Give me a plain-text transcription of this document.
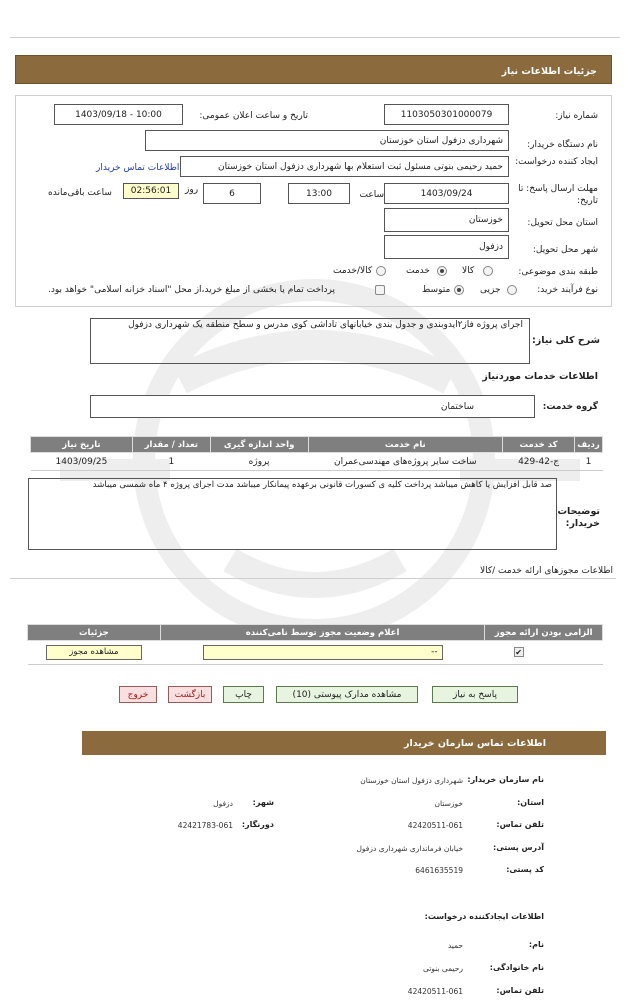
جزئیات اطلاعات نیاز
شماره نیاز:
1103050301000079
تاریخ و ساعت اعلان عمومی:
1403/09/18 - 10:00
نام دستگاه خریدار:
شهرداری دزفول استان خوزستان
ایجاد کننده درخواست:
حمید رحیمی بنوتی مسئول ثبت استعلام بها شهرداری دزفول استان خوزستان
اطلاعات تماس خریدار
مهلت ارسال پاسخ: تا تاریخ:
1403/09/24
ساعت
13:00
6
روز
02:56:01
ساعت باقی‌مانده
استان محل تحویل:
خوزستان
شهر محل تحویل:
دزفول
طبقه بندی موضوعی:
کالا
خدمت
کالا/خدمت
نوع فرآیند خرید:
جزیی
متوسط
پرداخت تمام یا بخشی از مبلغ خرید،از محل "اسناد خزانه اسلامی" خواهد بود.
شرح کلی نیاز:
اجرای پروژه فاز۲ایدوبندی و جدول بندی خیابانهای تاداشی کوی مدرس و سطح منطقه یک شهرداری دزفول
اطلاعات خدمات موردنیاز
گروه خدمت:
ساختمان
ردیف	کد خدمت	نام خدمت	واحد اندازه گیری	تعداد / مقدار	تاریخ نیاز
1	ج-42-429	ساخت سایر پروژه‌های مهندسی‌عمران	پروژه	1	1403/09/25
توضیحات خریدار:
صد قابل افزایش یا کاهش میباشد پرداخت کلیه ی کسورات قانونی برعهده پیمانکار میباشد مدت اجرای پروژه ۴ ماه شمسی میباشد
اطلاعات مجوزهای ارائه خدمت /کالا
الزامی بودن ارائه مجوز	اعلام وضعیت مجوز توسط نامی‌کننده	جزئیات
✔	--	مشاهده مجوز
پاسخ به نیاز
مشاهده مدارک پیوستی (10)
چاپ
بازگشت
خروج
اطلاعات تماس سازمان خریدار
نام سازمان خریدار:
شهرداری دزفول استان خوزستان
استان:
خوزستان
شهر:
دزفول
تلفن تماس:
42420511-061
دورنگار:
42421783-061
آدرس پستی:
خیابان فرمانداری شهرداری دزفول
کد پستی:
6461635519
اطلاعات ایجادکننده درخواست:
نام:
حمید
نام خانوادگی:
رحیمی بنوتی
تلفن تماس:
42420511-061
